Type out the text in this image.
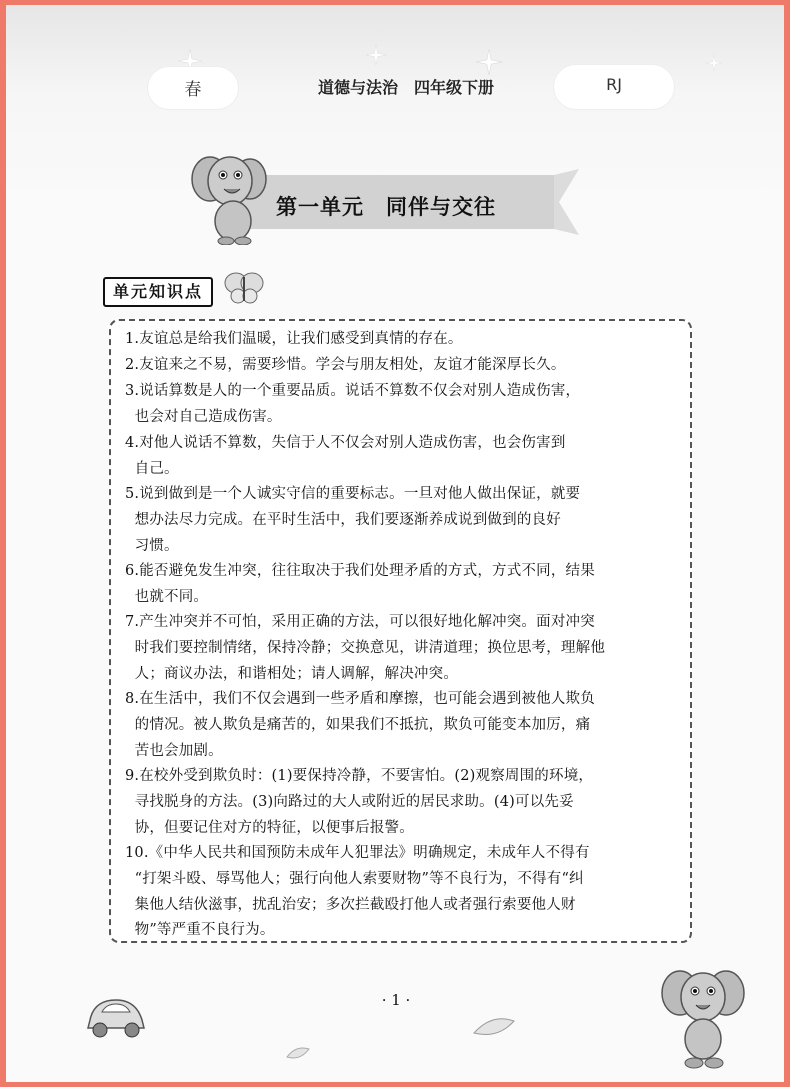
春	道德与法治　四年级下册	RJ
第一单元　同伴与交往
单元知识点
1.友谊总是给我们温暖，让我们感受到真情的存在。
2.友谊来之不易，需要珍惜。学会与朋友相处，友谊才能深厚长久。
3.说话算数是人的一个重要品质。说话不算数不仅会对别人造成伤害，
也会对自己造成伤害。
4.对他人说话不算数，失信于人不仅会对别人造成伤害，也会伤害到
自己。
5.说到做到是一个人诚实守信的重要标志。一旦对他人做出保证，就要
想办法尽力完成。在平时生活中，我们要逐渐养成说到做到的良好
习惯。
6.能否避免发生冲突，往往取决于我们处理矛盾的方式，方式不同，结果
也就不同。
7.产生冲突并不可怕，采用正确的方法，可以很好地化解冲突。面对冲突
时我们要控制情绪，保持冷静；交换意见，讲清道理；换位思考，理解他
人；商议办法，和谐相处；请人调解，解决冲突。
8.在生活中，我们不仅会遇到一些矛盾和摩擦，也可能会遇到被他人欺负
的情况。被人欺负是痛苦的，如果我们不抵抗，欺负可能变本加厉，痛
苦也会加剧。
9.在校外受到欺负时：(1)要保持冷静，不要害怕。(2)观察周围的环境，
寻找脱身的方法。(3)向路过的大人或附近的居民求助。(4)可以先妥
协，但要记住对方的特征，以便事后报警。
10.《中华人民共和国预防未成年人犯罪法》明确规定，未成年人不得有
“打架斗殴、辱骂他人；强行向他人索要财物”等不良行为，不得有“纠
集他人结伙滋事，扰乱治安；多次拦截殴打他人或者强行索要他人财
物”等严重不良行为。
· 1 ·
